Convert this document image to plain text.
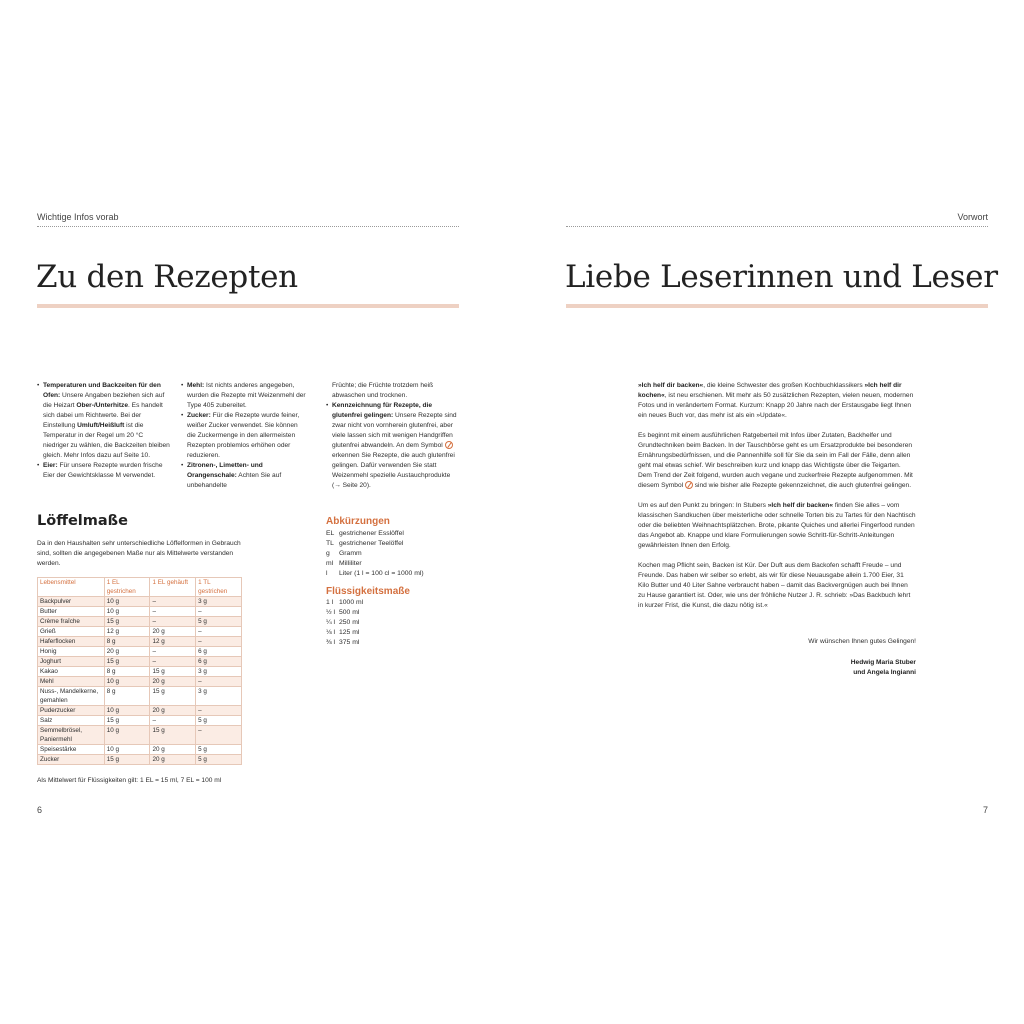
Wichtige Infos vorab
Zu den Rezepten
• Temperaturen und Backzeiten für den Ofen: Unsere Angaben beziehen sich auf die Heizart Ober-/Unterhitze. Es handelt sich dabei um Richtwerte. Bei der Einstellung Umluft/Heißluft ist die Temperatur in der Regel um 20 °C niedriger zu wählen, die Backzeiten bleiben gleich. Mehr Infos dazu auf Seite 10.
• Eier: Für unsere Rezepte wurden frische Eier der Gewichtsklasse M verwendet.
• Mehl: Ist nichts anderes angegeben, wurden die Rezepte mit Weizenmehl der Type 405 zubereitet.
• Zucker: Für die Rezepte wurde feiner, weißer Zucker verwendet. Sie können die Zuckermenge in den allermeisten Rezepten problemlos erhöhen oder reduzieren.
• Zitronen-, Limetten- und Orangenschale: Achten Sie auf unbehandelte
Früchte; die Früchte trotzdem heiß abwaschen und trocknen.
• Kennzeichnung für Rezepte, die glutenfrei gelingen: Unsere Rezepte sind zwar nicht von vornherein glutenfrei, aber viele lassen sich mit wenigen Handgriffen glutenfrei abwandeln. An dem Symbol  erkennen Sie Rezepte, die auch glutenfrei gelingen. Dafür verwenden Sie statt Weizenmehl spezielle Austauchprodukte (→ Seite 20).
Löffelmaße
Da in den Haushalten sehr unterschiedliche Löffelformen in Gebrauch sind, sollten die angegebenen Maße nur als Mittelwerte verstanden werden.
Lebensmittel	1 EL gestrichen	1 EL gehäuft	1 TL gestrichen
Backpulver	10 g	–	3 g
Butter	10 g	–	–
Crème fraîche	15 g	–	5 g
Grieß	12 g	20 g	–
Haferflocken	8 g	12 g	–
Honig	20 g	–	6 g
Joghurt	15 g	–	6 g
Kakao	8 g	15 g	3 g
Mehl	10 g	20 g	–
Nuss-, Mandelkerne, gemahlen	8 g	15 g	3 g
Puderzucker	10 g	20 g	–
Salz	15 g	–	5 g
Semmelbrösel, Paniermehl	10 g	15 g	–
Speisestärke	10 g	20 g	5 g
Zucker	15 g	20 g	5 g
Als Mittelwert für Flüssigkeiten gilt: 1 EL = 15 ml, 7 EL = 100 ml
Abkürzungen
EL gestrichener Esslöffel
TL gestrichener Teelöffel
g Gramm
ml Milliliter
l Liter (1 l = 100 cl = 1000 ml)
Flüssigkeitsmaße
1 l 1000 ml
½ l 500 ml
¼ l 250 ml
⅛ l 125 ml
⅜ l 375 ml
6
Vorwort
Liebe Leserinnen und Leser

»Ich helf dir backen«, die kleine Schwester des großen Kochbuchklassikers »Ich helf dir kochen«, ist neu erschienen. Mit mehr als 50 zusätzlichen Rezepten, vielen neuen, modernen Fotos und in verändertem Format. Kurzum: Knapp 20 Jahre nach der Erstausgabe liegt Ihnen ein neues Buch vor, das mehr ist als ein »Update«.

Es beginnt mit einem ausführlichen Ratgeberteil mit Infos über Zutaten, Backhelfer und Grundtechniken beim Backen. In der Tauschbörse geht es um Ersatzprodukte bei besonderen Ernährungsbedürfnissen, und die Pannenhilfe soll für Sie da sein im Fall der Fälle, denn allen geht mal etwas schief. Wir beschreiben kurz und knapp das Wichtigste über die Teigarten. Dem Trend der Zeit folgend, wurden auch vegane und zuckerfreie Rezepte aufgenommen. Mit diesem Symbol  sind wie bisher alle Rezepte gekennzeichnet, die auch glutenfrei gelingen.

Um es auf den Punkt zu bringen: In Stubers »Ich helf dir backen« finden Sie alles – vom klassischen Sandkuchen über meisterliche oder schnelle Torten bis zu Tartes für den Nachtisch oder die beliebten Weihnachtsplätzchen. Brote, pikante Quiches und allerlei Fingerfood runden das Angebot ab. Knappe und klare Formulierungen sowie Schritt-für-Schritt-Anleitungen gewährleisten Ihnen den Erfolg.

Kochen mag Pflicht sein, Backen ist Kür. Der Duft aus dem Backofen schafft Freude – und Freunde. Das haben wir selber so erlebt, als wir für diese Neuausgabe allein 1.700 Eier, 31 Kilo Butter und 40 Liter Sahne verbraucht haben – damit das Backvergnügen auch bei Ihnen zu Hause garantiert ist. Oder, wie uns der fröhliche Nutzer J. R. schrieb: »Das Backbuch lehrt in kurzer Frist, die Kunst, die dazu nötig ist.«

Wir wünschen Ihnen gutes Gelingen!
Hedwig Maria Stuber
und Angela Ingianni
7
